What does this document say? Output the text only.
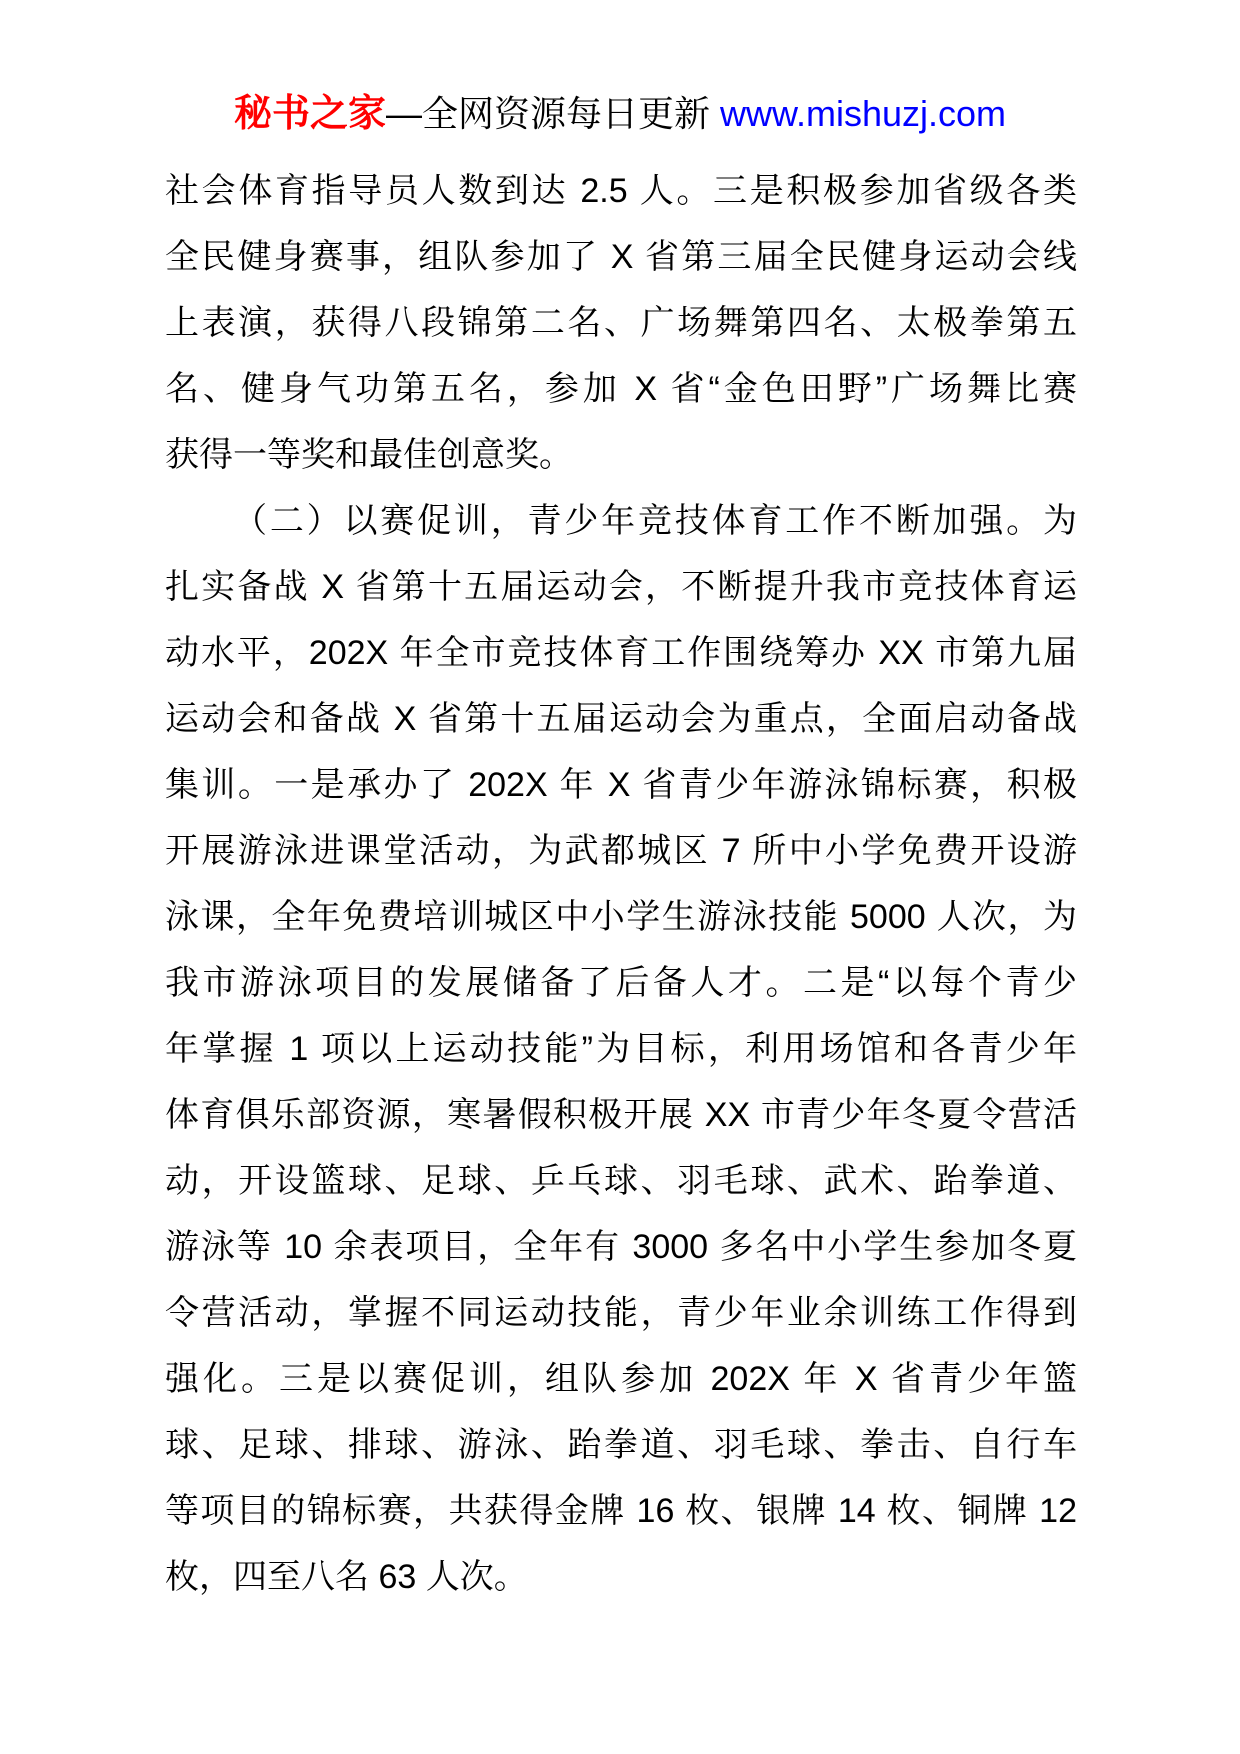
秘书之家—全网资源每日更新 www.mishuzj.com
社会体育指导员人数到达 2.5 人。三是积极参加省级各类
全民健身赛事，组队参加了 X 省第三届全民健身运动会线
上表演，获得八段锦第二名、广场舞第四名、太极拳第五
名、健身气功第五名，参加 X 省“金色田野”广场舞比赛
获得一等奖和最佳创意奖。
（二）以赛促训，青少年竞技体育工作不断加强。为
扎实备战 X 省第十五届运动会，不断提升我市竞技体育运
动水平，202X 年全市竞技体育工作围绕筹办 XX 市第九届
运动会和备战 X 省第十五届运动会为重点，全面启动备战
集训。一是承办了 202X 年 X 省青少年游泳锦标赛，积极
开展游泳进课堂活动，为武都城区 7 所中小学免费开设游
泳课，全年免费培训城区中小学生游泳技能 5000 人次，为
我市游泳项目的发展储备了后备人才。二是“以每个青少
年掌握 1 项以上运动技能”为目标，利用场馆和各青少年
体育俱乐部资源，寒暑假积极开展 XX 市青少年冬夏令营活
动，开设篮球、足球、乒乓球、羽毛球、武术、跆拳道、
游泳等 10 余表项目，全年有 3000 多名中小学生参加冬夏
令营活动，掌握不同运动技能，青少年业余训练工作得到
强化。三是以赛促训，组队参加 202X 年 X 省青少年篮
球、足球、排球、游泳、跆拳道、羽毛球、拳击、自行车
等项目的锦标赛，共获得金牌 16 枚、银牌 14 枚、铜牌 12
枚，四至八名 63 人次。
